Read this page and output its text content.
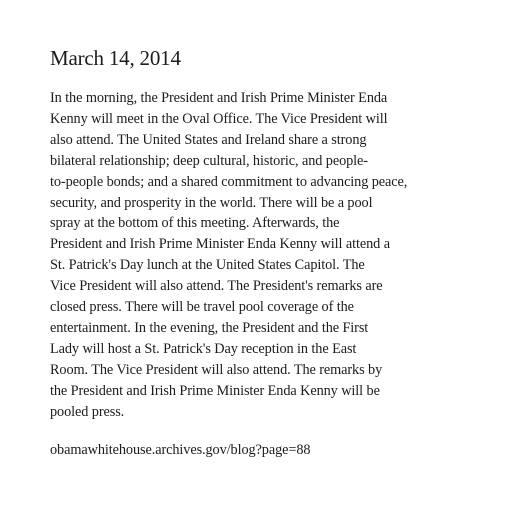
March 14, 2014
In the morning, the President and Irish Prime Minister Enda
Kenny will meet in the Oval Office. The Vice President will
also attend. The United States and Ireland share a strong
bilateral relationship; deep cultural, historic, and people-
to-people bonds; and a shared commitment to advancing peace,
security, and prosperity in the world. There will be a pool
spray at the bottom of this meeting. Afterwards, the
President and Irish Prime Minister Enda Kenny will attend a
St. Patrick's Day lunch at the United States Capitol. The
Vice President will also attend. The President's remarks are
closed press. There will be travel pool coverage of the
entertainment. In the evening, the President and the First
Lady will host a St. Patrick's Day reception in the East
Room. The Vice President will also attend. The remarks by
the President and Irish Prime Minister Enda Kenny will be
pooled press.
obamawhitehouse.archives.gov/blog?page=88
